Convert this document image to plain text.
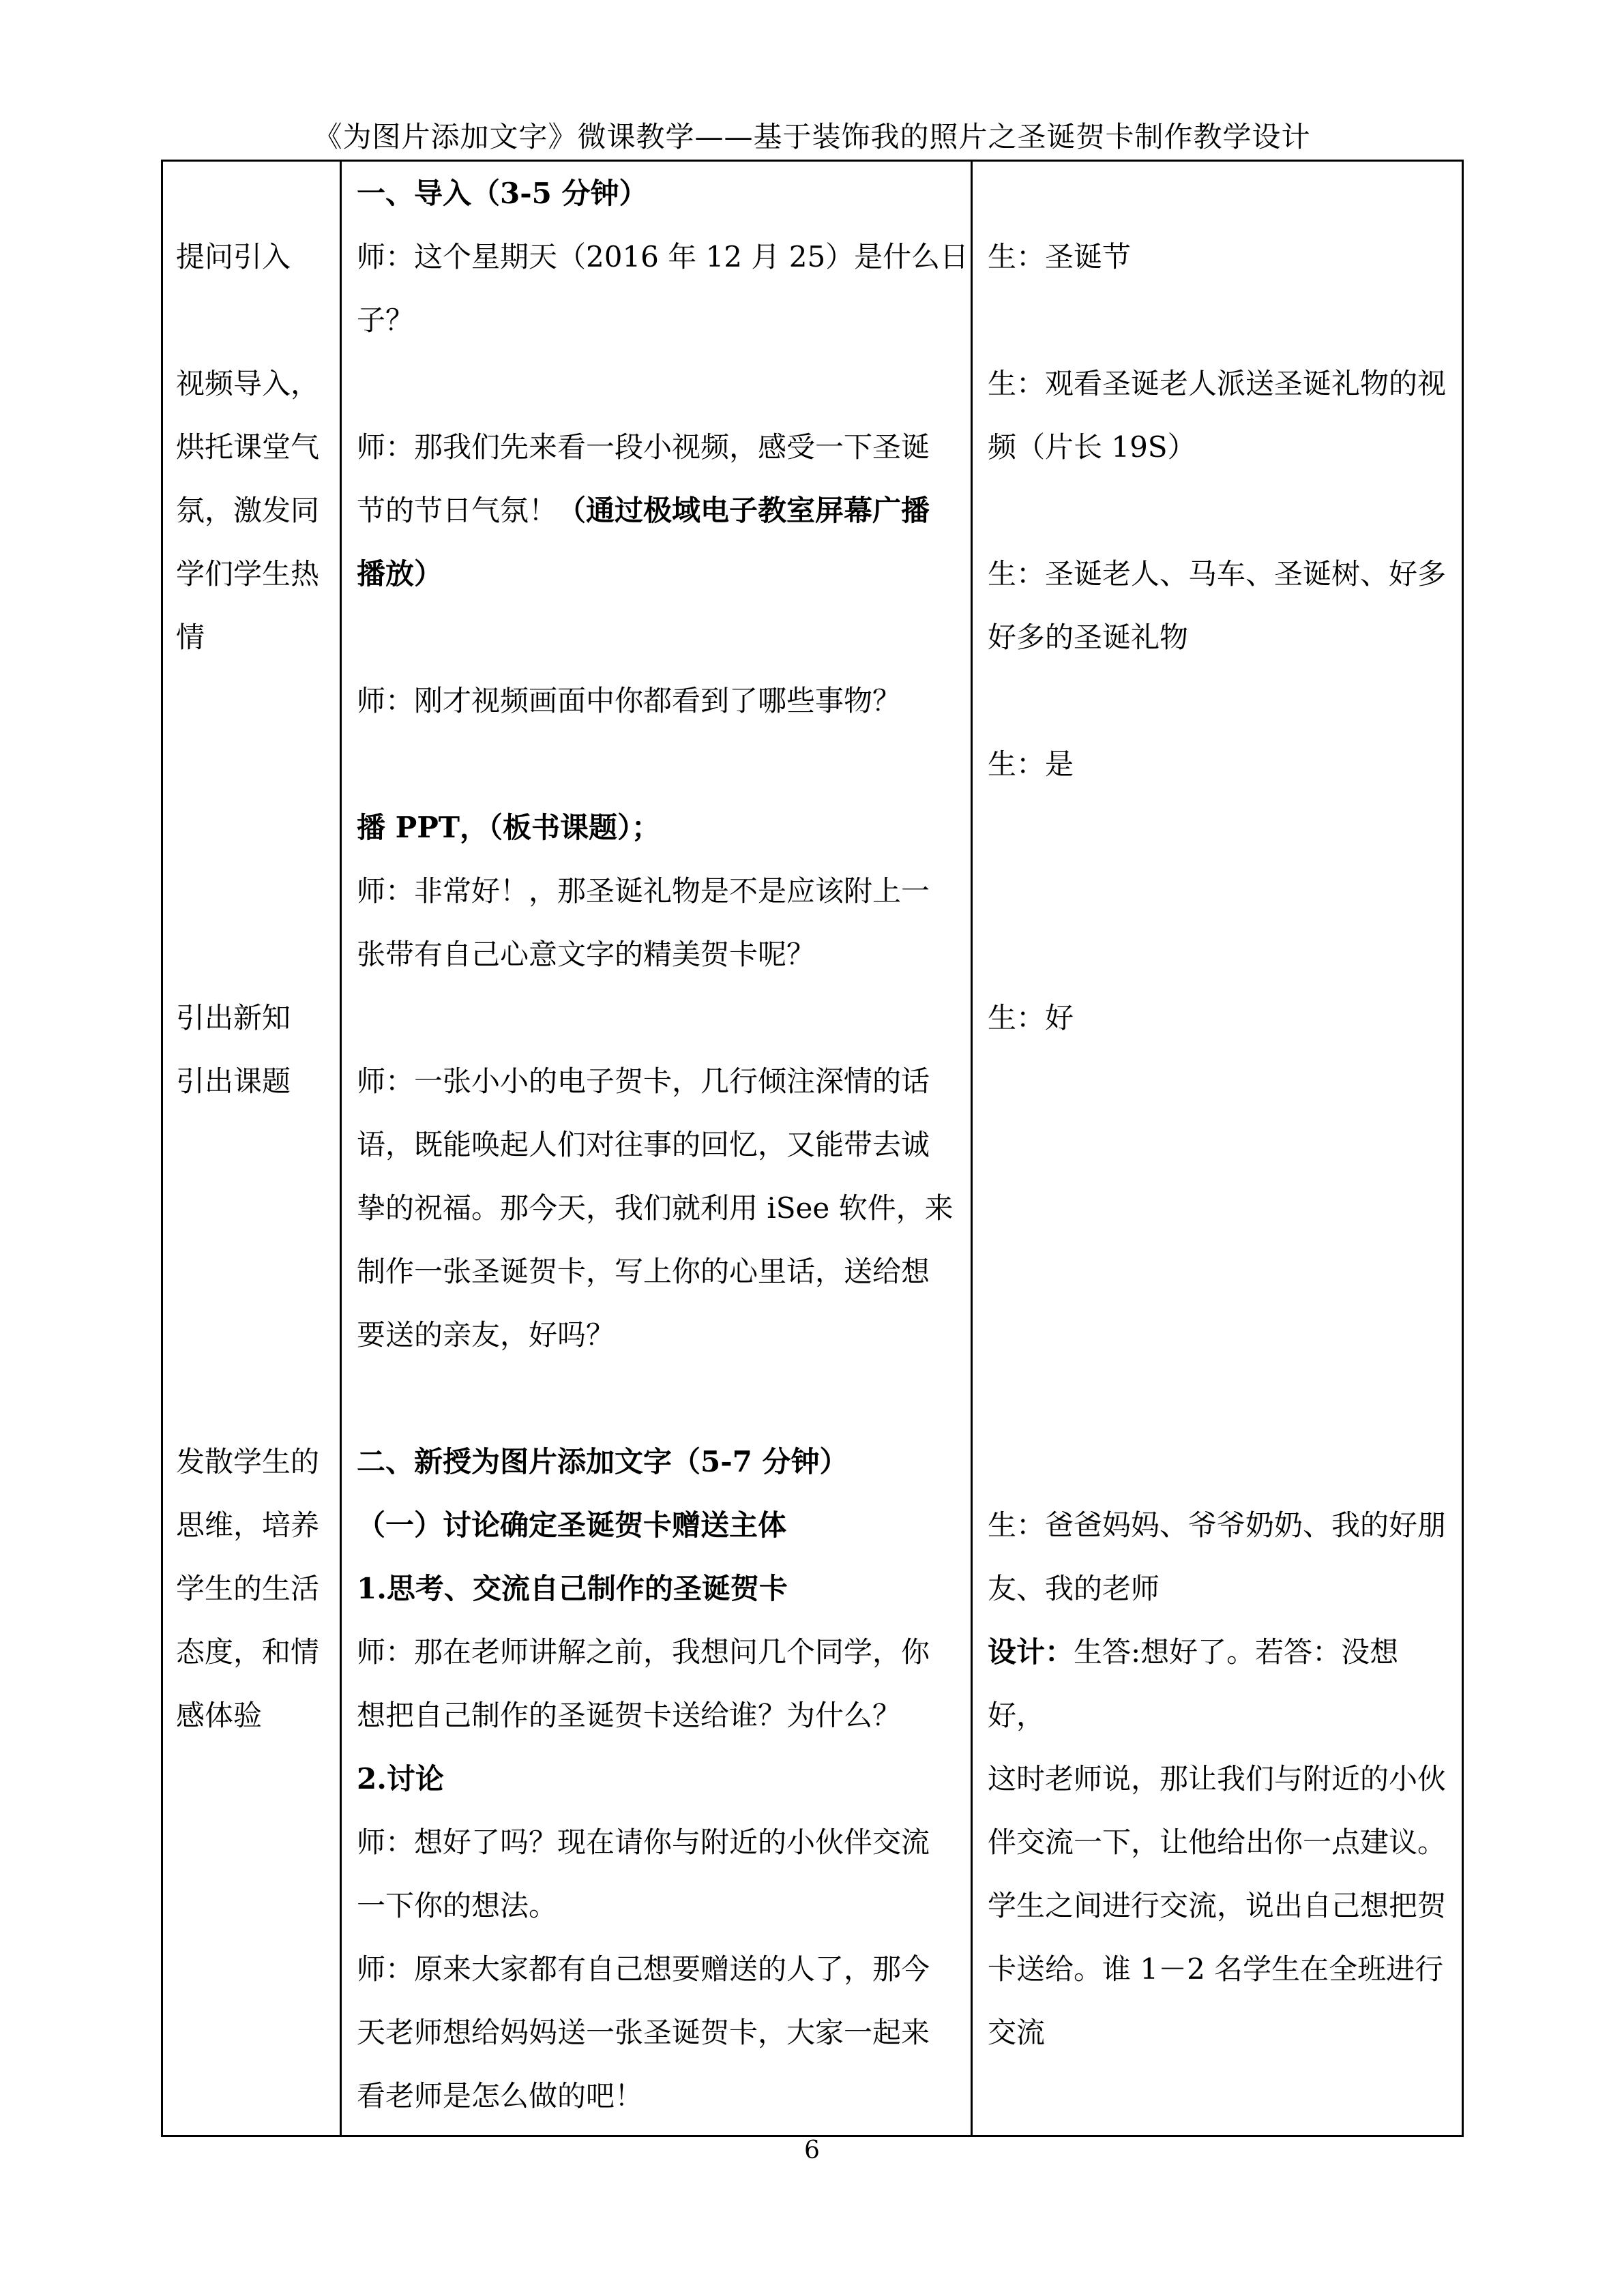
《为图片添加文字》微课教学——基于装饰我的照片之圣诞贺卡制作教学设计

提问引入

视频导入，

烘托课堂气

氛，激发同

学们学生热

情

引出新知

引出课题

发散学生的

思维，培养

学生的生活

态度，和情

感体验

一、导入（3-5 分钟）

师：这个星期天（2016 年 12 月 25）是什么日

子？

师：那我们先来看一段小视频，感受一下圣诞

节的节日气氛！（通过极域电子教室屏幕广播

播放）

师：刚才视频画面中你都看到了哪些事物？

播 PPT，（板书课题）；

师：非常好！，那圣诞礼物是不是应该附上一

张带有自己心意文字的精美贺卡呢？

师：一张小小的电子贺卡，几行倾注深情的话

语，既能唤起人们对往事的回忆，又能带去诚

挚的祝福。那今天，我们就利用 iSee 软件，来

制作一张圣诞贺卡，写上你的心里话，送给想

要送的亲友，好吗？

二、新授为图片添加文字（5-7 分钟）

（一）讨论确定圣诞贺卡赠送主体

1.思考、交流自己制作的圣诞贺卡

师：那在老师讲解之前，我想问几个同学，你

想把自己制作的圣诞贺卡送给谁？为什么？

2.讨论

师：想好了吗？现在请你与附近的小伙伴交流

一下你的想法。

师：原来大家都有自己想要赠送的人了，那今

天老师想给妈妈送一张圣诞贺卡，大家一起来

看老师是怎么做的吧！

生：圣诞节

生：观看圣诞老人派送圣诞礼物的视

频（片长 19S）

生：圣诞老人、马车、圣诞树、好多

好多的圣诞礼物

生：是

生：好

生：爸爸妈妈、爷爷奶奶、我的好朋

友、我的老师

设计：生答:想好了。若答：没想

好，

这时老师说，那让我们与附近的小伙

伴交流一下，让他给出你一点建议。

学生之间进行交流，说出自己想把贺

卡送给。谁 1－2 名学生在全班进行

交流

6
